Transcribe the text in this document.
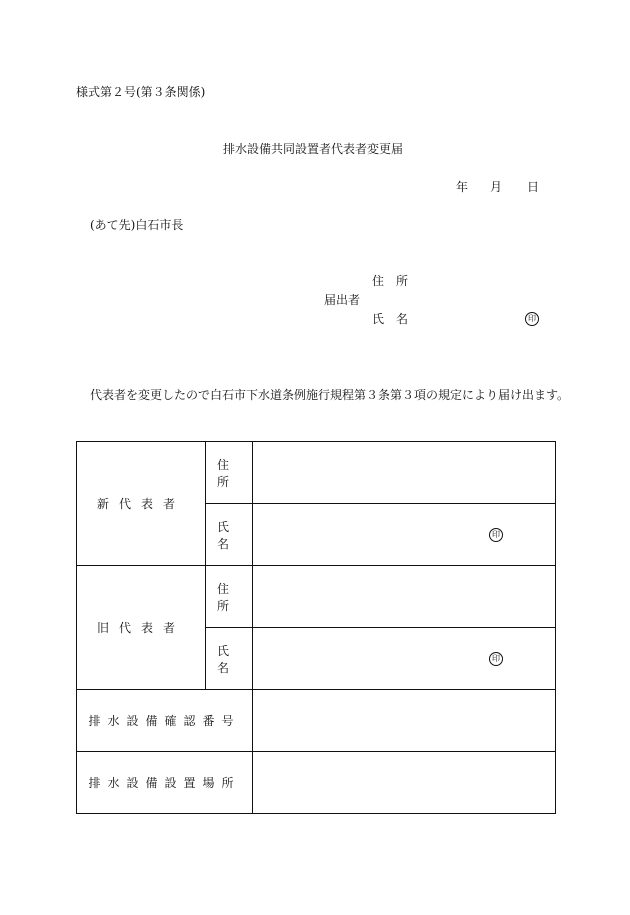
様式第２号(第３条関係)
排水設備共同設置者代表者変更届
年 月 日
(あて先)白石市長
住　所
届出者
氏　名	印
代表者を変更したので白石市下水道条例施行規程第３条第３項の規定により届け出ます。
新代表者	住所	
	氏名	印

旧代表者	住所	
	氏名	印

排水設備確認番号		
排水設備設置場所		
